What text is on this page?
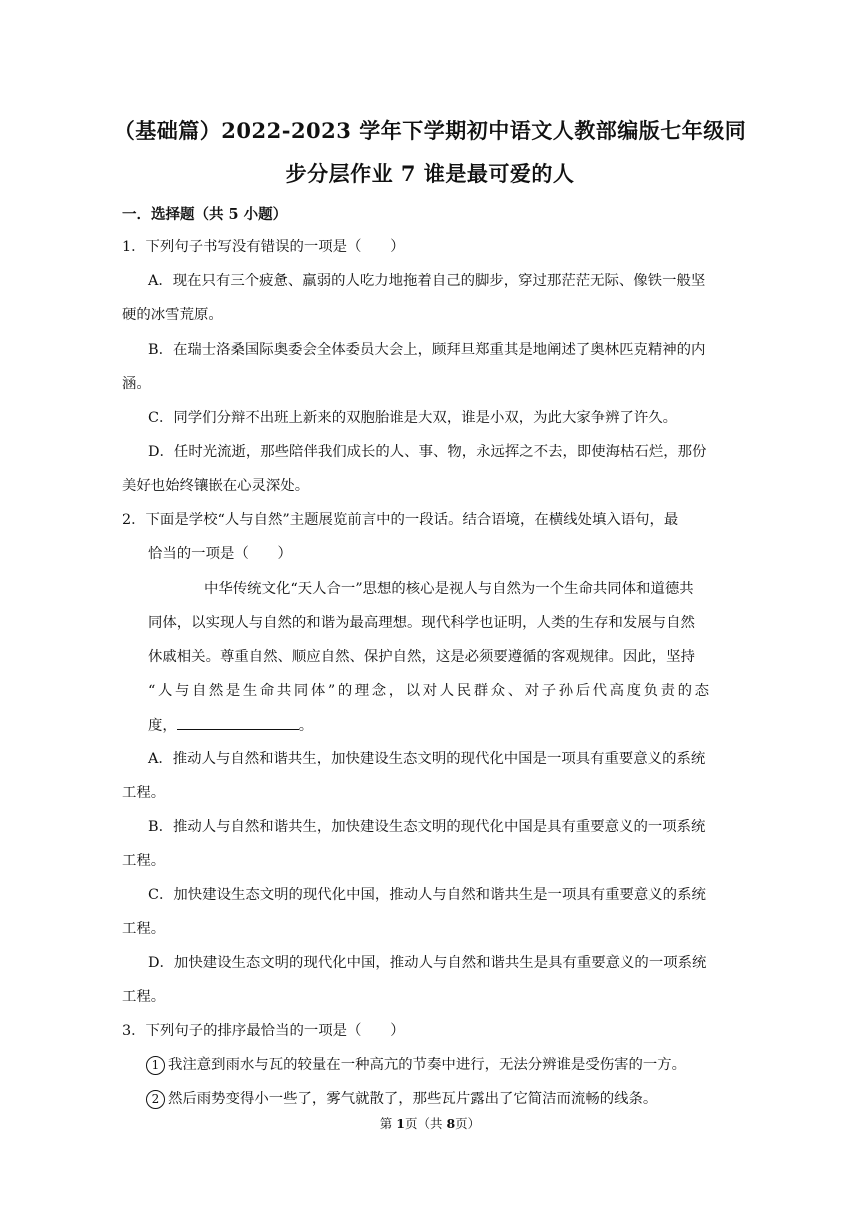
（基础篇）2022-2023 学年下学期初中语文人教部编版七年级同
步分层作业 7 谁是最可爱的人
一．选择题（共 5 小题）
1．下列句子书写没有错误的一项是（　　）
A．现在只有三个疲惫、羸弱的人吃力地拖着自己的脚步，穿过那茫茫无际、像铁一般坚
硬的冰雪荒原。
B．在瑞士洛桑国际奥委会全体委员大会上，顾拜旦郑重其是地阐述了奥林匹克精神的内
涵。
C．同学们分辩不出班上新来的双胞胎谁是大双，谁是小双，为此大家争辨了许久。
D．任时光流逝，那些陪伴我们成长的人、事、物，永远挥之不去，即使海枯石烂，那份
美好也始终镶嵌在心灵深处。
2．下面是学校“人与自然”主题展览前言中的一段话。结合语境，在横线处填入语句，最
恰当的一项是（　　）
中华传统文化“天人合一”思想的核心是视人与自然为一个生命共同体和道德共
同体，以实现人与自然的和谐为最高理想。现代科学也证明，人类的生存和发展与自然
休戚相关。尊重自然、顺应自然、保护自然，这是必须要遵循的客观规律。因此，坚持
“人与自然是生命共同体”的理念，以对人民群众、对子孙后代高度负责的态
度，	。
A．推动人与自然和谐共生，加快建设生态文明的现代化中国是一项具有重要意义的系统
工程。
B．推动人与自然和谐共生，加快建设生态文明的现代化中国是具有重要意义的一项系统
工程。
C．加快建设生态文明的现代化中国，推动人与自然和谐共生是一项具有重要意义的系统
工程。
D．加快建设生态文明的现代化中国，推动人与自然和谐共生是具有重要意义的一项系统
工程。
3．下列句子的排序最恰当的一项是（　　）
1 我注意到雨水与瓦的较量在一种高亢的节奏中进行，无法分辨谁是受伤害的一方。
2 然后雨势变得小一些了，雾气就散了，那些瓦片露出了它简洁而流畅的线条。
第 1页（共 8页）
